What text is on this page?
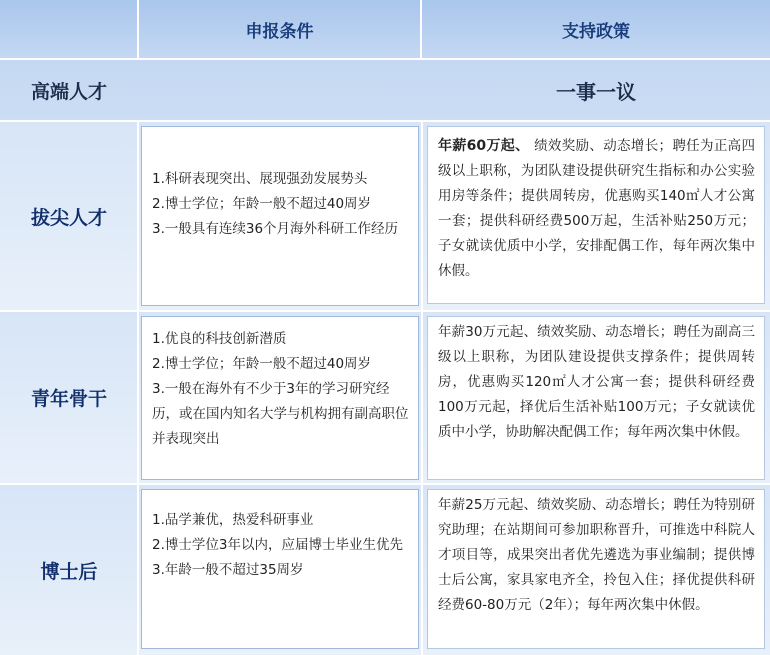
申报条件	支持政策
高端人才	一事一议
拔尖人才

1.科研表现突出、展现强劲发展势头

2.博士学位；年龄一般不超过40周岁

3.一般具有连续36个月海外科研工作经历

年薪60万起、 绩效奖励、动态增长；聘任为正高四级以上职称，为团队建设提供研究生指标和办公实验用房等条件；提供周转房，优惠购买140㎡人才公寓一套；提供科研经费500万起，生活补贴250万元；子女就读优质中小学，安排配偶工作，每年两次集中休假。
青年骨干

1.优良的科技创新潜质

2.博士学位；年龄一般不超过40周岁

3.一般在海外有不少于3年的学习研究经历，或在国内知名大学与机构拥有副高职位并表现突出

年薪30万元起、绩效奖励、动态增长；聘任为副高三级以上职称，为团队建设提供支撑条件；提供周转房，优惠购买120㎡人才公寓一套；提供科研经费100万元起，择优后生活补贴100万元；子女就读优质中小学，协助解决配偶工作；每年两次集中休假。
博士后

1.品学兼优，热爱科研事业

2.博士学位3年以内，应届博士毕业生优先

3.年龄一般不超过35周岁

年薪25万元起、绩效奖励、动态增长；聘任为特别研究助理；在站期间可参加职称晋升，可推选中科院人才项目等，成果突出者优先遴选为事业编制；提供博士后公寓，家具家电齐全，拎包入住；择优提供科研经费60-80万元（2年）；每年两次集中休假。
